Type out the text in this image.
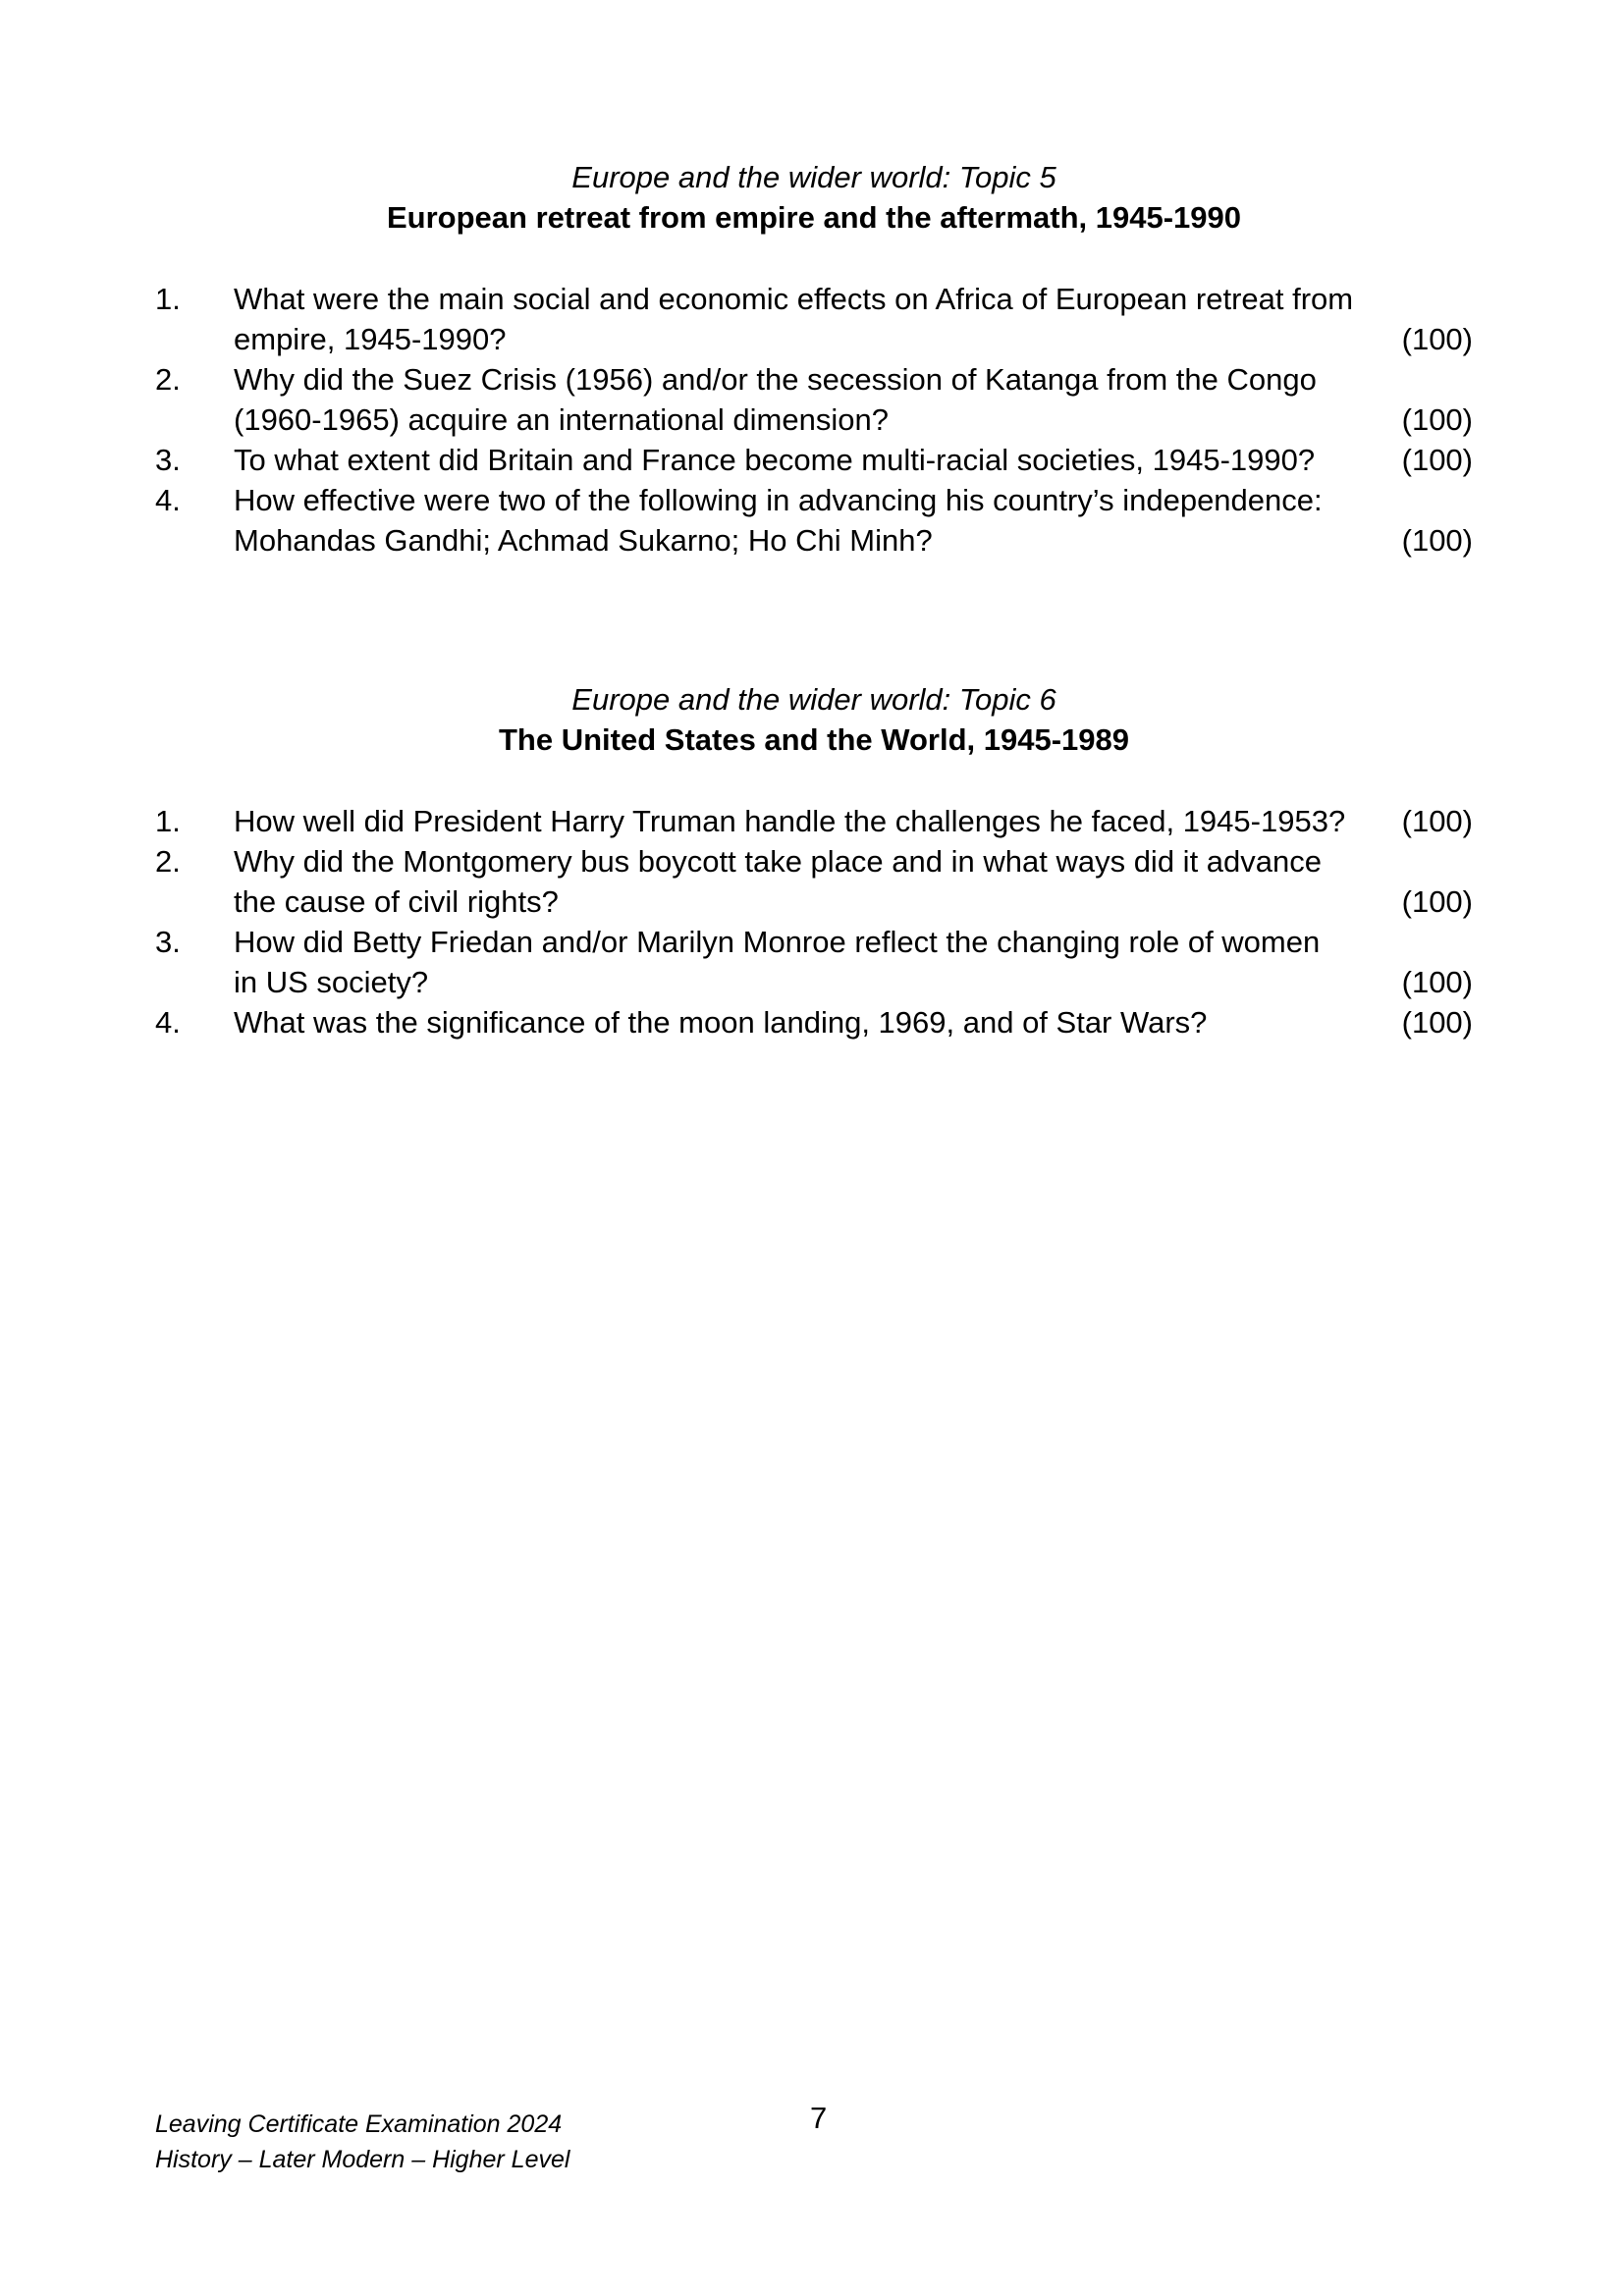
Europe and the wider world: Topic 5
European retreat from empire and the aftermath, 1945-1990
1.	What were the main social and economic effects on Africa of European retreat from
empire, 1945-1990?	(100)
2.	Why did the Suez Crisis (1956) and/or the secession of Katanga from the Congo
(1960-1965) acquire an international dimension?	(100)
3.	To what extent did Britain and France become multi-racial societies, 1945-1990?	(100)
4.	How effective were two of the following in advancing his country’s independence:
Mohandas Gandhi; Achmad Sukarno; Ho Chi Minh?	(100)
Europe and the wider world: Topic 6
The United States and the World, 1945-1989
1.	How well did President Harry Truman handle the challenges he faced, 1945-1953?	(100)
2.	Why did the Montgomery bus boycott take place and in what ways did it advance
the cause of civil rights?	(100)
3.	How did Betty Friedan and/or Marilyn Monroe reflect the changing role of women
in US society?	(100)
4.	What was the significance of the moon landing, 1969, and of Star Wars?	(100)
Leaving Certificate Examination 2024
History – Later Modern – Higher Level
7
